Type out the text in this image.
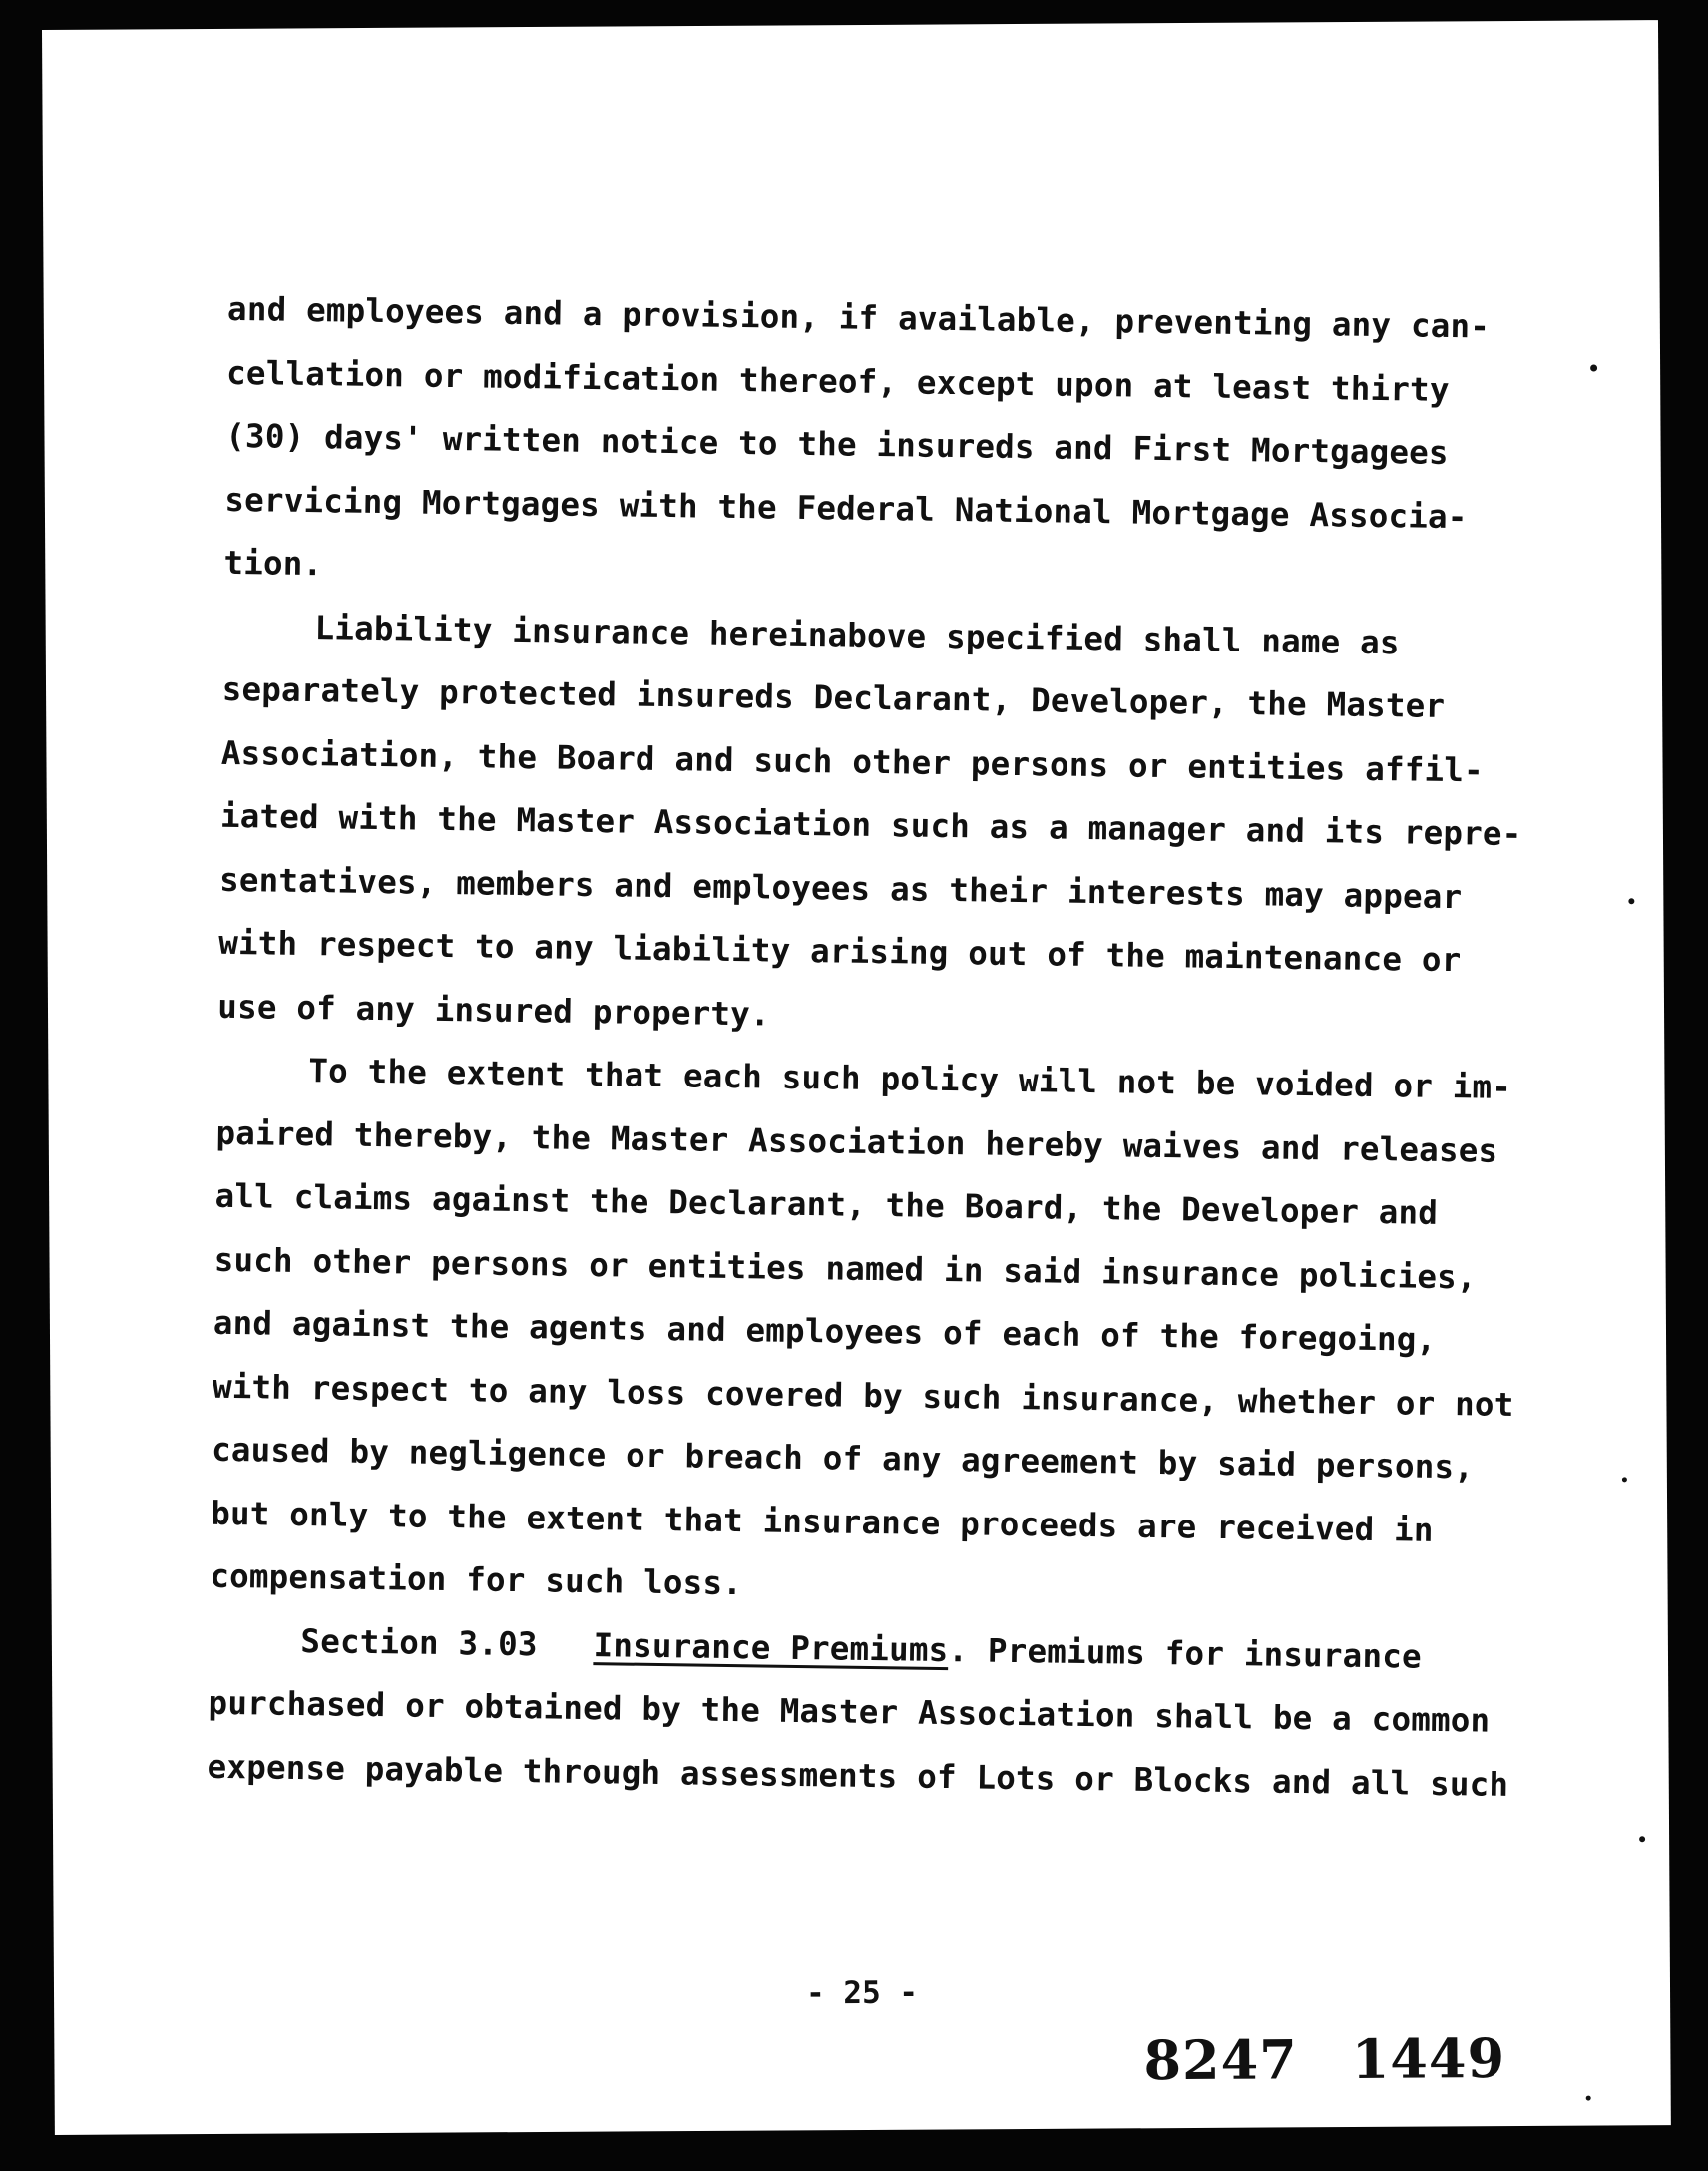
and employees and a provision, if available, preventing any can-
cellation or modification thereof, except upon at least thirty
(30) days' written notice to the insureds and First Mortgagees
servicing Mortgages with the Federal National Mortgage Associa-
tion.
Liability insurance hereinabove specified shall name as
separately protected insureds Declarant, Developer, the Master
Association, the Board and such other persons or entities affil-
iated with the Master Association such as a manager and its repre-
sentatives, members and employees as their interests may appear
with respect to any liability arising out of the maintenance or
use of any insured property.
To the extent that each such policy will not be voided or im-
paired thereby, the Master Association hereby waives and releases
all claims against the Declarant, the Board, the Developer and
such other persons or entities named in said insurance policies,
and against the agents and employees of each of the foregoing,
with respect to any loss covered by such insurance, whether or not
caused by negligence or breach of any agreement by said persons,
but only to the extent that insurance proceeds are received in
compensation for such loss.
Section 3.03 Insurance Premiums. Premiums for insurance
purchased or obtained by the Master Association shall be a common
expense payable through assessments of Lots or Blocks and all such
- 25 -
8247 1449
